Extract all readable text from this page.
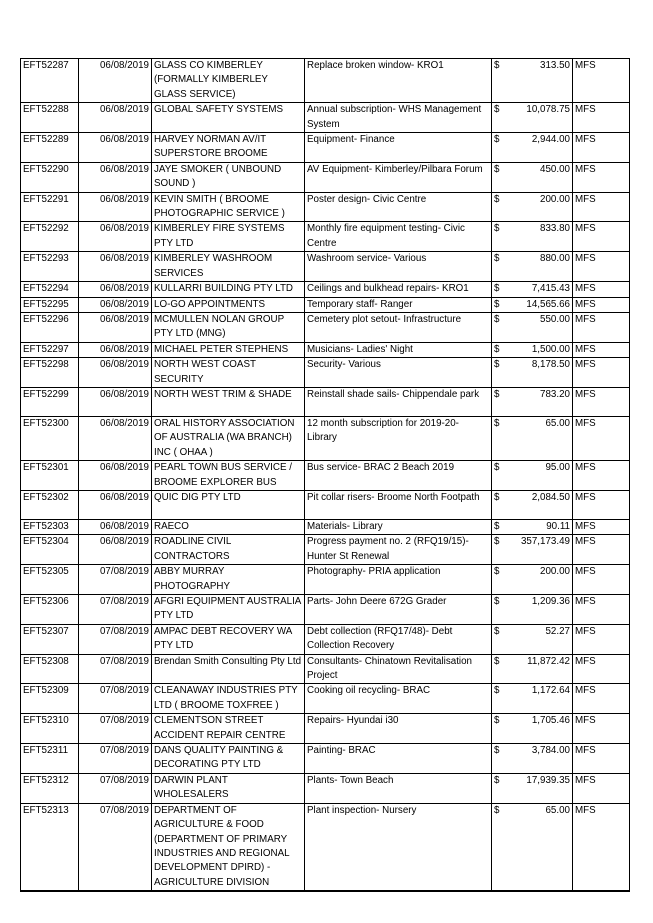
EFT52287	06/08/2019	GLASS CO KIMBERLEY (FORMALLY KIMBERLEY GLASS SERVICE)	Replace broken window- KRO1	$	313.50	MFS
EFT52288	06/08/2019	GLOBAL SAFETY SYSTEMS	Annual subscription- WHS Management System	$	10,078.75	MFS
EFT52289	06/08/2019	HARVEY NORMAN AV/IT SUPERSTORE BROOME	Equipment- Finance	$	2,944.00	MFS
EFT52290	06/08/2019	JAYE SMOKER ( UNBOUND SOUND )	AV Equipment- Kimberley/Pilbara Forum	$	450.00	MFS
EFT52291	06/08/2019	KEVIN SMITH ( BROOME PHOTOGRAPHIC SERVICE )	Poster design- Civic Centre	$	200.00	MFS
EFT52292	06/08/2019	KIMBERLEY FIRE SYSTEMS PTY LTD	Monthly fire equipment testing- Civic Centre	$	833.80	MFS
EFT52293	06/08/2019	KIMBERLEY WASHROOM SERVICES	Washroom service- Various	$	880.00	MFS
EFT52294	06/08/2019	KULLARRI BUILDING PTY LTD	Ceilings and bulkhead repairs- KRO1	$	7,415.43	MFS
EFT52295	06/08/2019	LO-GO APPOINTMENTS	Temporary staff- Ranger	$	14,565.66	MFS
EFT52296	06/08/2019	MCMULLEN NOLAN GROUP PTY LTD (MNG)	Cemetery plot setout- Infrastructure	$	550.00	MFS
EFT52297	06/08/2019	MICHAEL PETER STEPHENS	Musicians- Ladies' Night	$	1,500.00	MFS
EFT52298	06/08/2019	NORTH WEST COAST SECURITY	Security- Various	$	8,178.50	MFS
EFT52299	06/08/2019	NORTH WEST TRIM & SHADE	Reinstall shade sails- Chippendale park	$	783.20	MFS
EFT52300	06/08/2019	ORAL HISTORY ASSOCIATION OF AUSTRALIA (WA BRANCH) INC ( OHAA )	12 month subscription for 2019-20- Library	$	65.00	MFS
EFT52301	06/08/2019	PEARL TOWN BUS SERVICE / BROOME EXPLORER BUS	Bus service- BRAC 2 Beach 2019	$	95.00	MFS
EFT52302	06/08/2019	QUIC DIG PTY LTD	Pit collar risers- Broome North Footpath	$	2,084.50	MFS
EFT52303	06/08/2019	RAECO	Materials- Library	$	90.11	MFS
EFT52304	06/08/2019	ROADLINE CIVIL CONTRACTORS	Progress payment no. 2 (RFQ19/15)- Hunter St Renewal	$	357,173.49	MFS
EFT52305	07/08/2019	ABBY MURRAY PHOTOGRAPHY	Photography- PRIA application	$	200.00	MFS
EFT52306	07/08/2019	AFGRI EQUIPMENT AUSTRALIA PTY LTD	Parts- John Deere 672G Grader	$	1,209.36	MFS
EFT52307	07/08/2019	AMPAC DEBT RECOVERY WA PTY LTD	Debt collection (RFQ17/48)- Debt Collection Recovery	$	52.27	MFS
EFT52308	07/08/2019	Brendan Smith Consulting Pty Ltd	Consultants- Chinatown Revitalisation Project	$	11,872.42	MFS
EFT52309	07/08/2019	CLEANAWAY INDUSTRIES PTY LTD ( BROOME TOXFREE )	Cooking oil recycling- BRAC	$	1,172.64	MFS
EFT52310	07/08/2019	CLEMENTSON STREET ACCIDENT REPAIR CENTRE	Repairs- Hyundai i30	$	1,705.46	MFS
EFT52311	07/08/2019	DANS QUALITY PAINTING & DECORATING PTY LTD	Painting- BRAC	$	3,784.00	MFS
EFT52312	07/08/2019	DARWIN PLANT WHOLESALERS	Plants- Town Beach	$	17,939.35	MFS
EFT52313	07/08/2019	DEPARTMENT OF AGRICULTURE & FOOD (DEPARTMENT OF PRIMARY INDUSTRIES AND REGIONAL DEVELOPMENT DPIRD) - AGRICULTURE DIVISION	Plant inspection- Nursery	$	65.00	MFS
